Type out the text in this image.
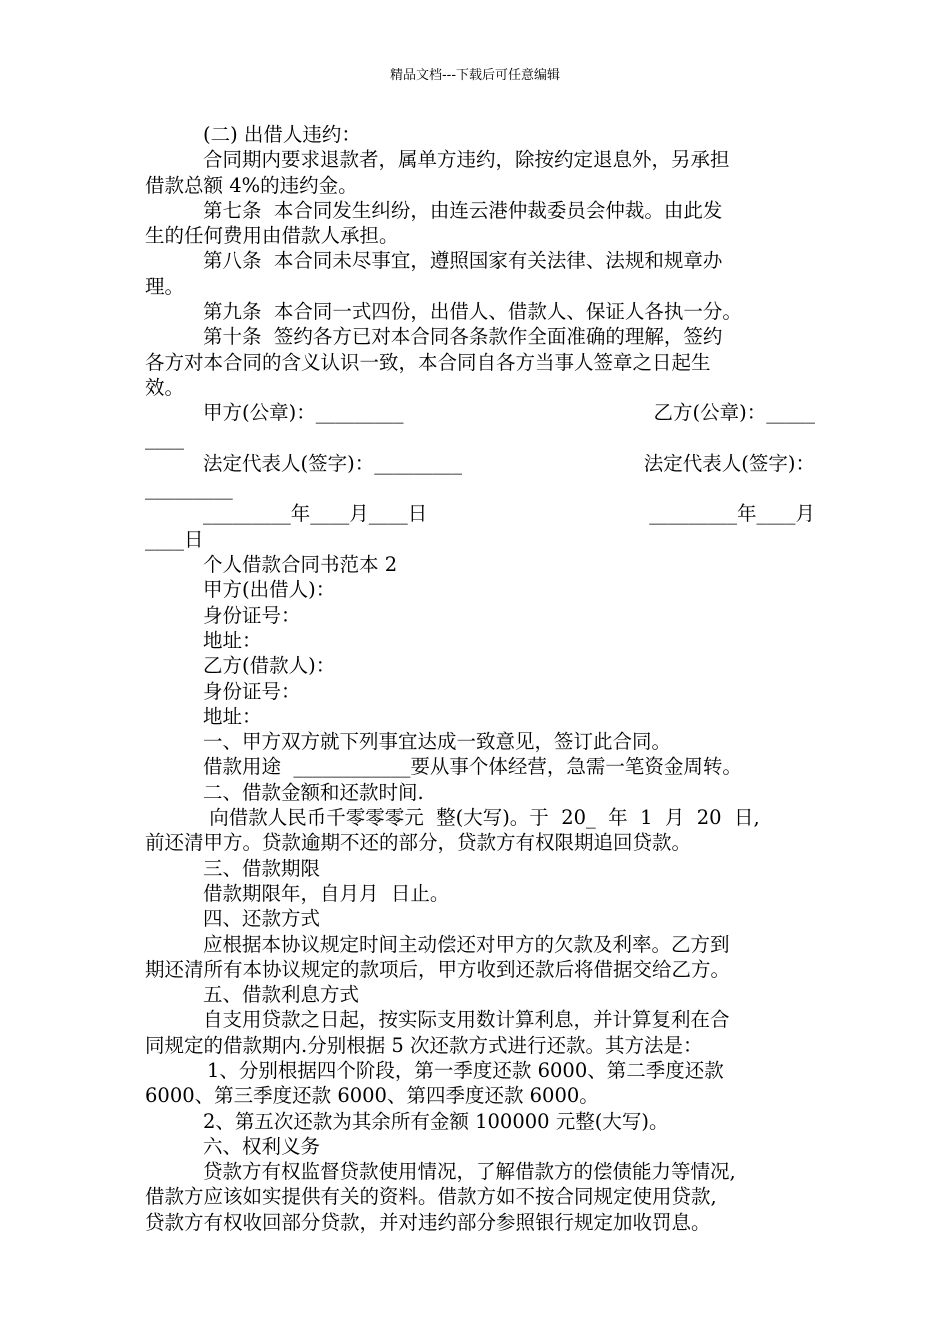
精品文档---下载后可任意编辑
(二) 出借人违约：
合同期内要求退款者，属单方违约，除按约定退息外，另承担
借款总额 4%的违约金。
第七条  本合同发生纠纷，由连云港仲裁委员会仲裁。由此发
生的任何费用由借款人承担。
第八条  本合同未尽事宜，遵照国家有关法律、法规和规章办
理。
第九条  本合同一式四份，出借人、借款人、保证人各执一分。
第十条  签约各方已对本合同各条款作全面准确的理解，签约
各方对本合同的含义认识一致，本合同自各方当事人签章之日起生
效。
甲方(公章)：_________	乙方(公章)：_____
____
法定代表人(签字)：_________	法定代表人(签字)：
_________
_________年____月____日	_________年____月
____日
个人借款合同书范本 2
甲方(出借人)：
身份证号：
地址：
乙方(借款人)：
身份证号：
地址：
一、甲方双方就下列事宜达成一致意见，签订此合同。
借款用途  ____________要从事个体经营，急需一笔资金周转。
二、借款金额和还款时间.
向借款人民币千零零零元  整(大写)。于  20_  年  1  月  20  日,
前还清甲方。贷款逾期不还的部分，贷款方有权限期追回贷款。
三、借款期限
借款期限年，自月月  日止。
四、还款方式
应根据本协议规定时间主动偿还对甲方的欠款及利率。乙方到
期还清所有本协议规定的款项后，甲方收到还款后将借据交给乙方。
五、借款利息方式
自支用贷款之日起，按实际支用数计算利息，并计算复利在合
同规定的借款期内.分别根据 5 次还款方式进行还款。其方法是：
1、分别根据四个阶段，第一季度还款 6000、第二季度还款
6000、第三季度还款 6000、第四季度还款 6000。
2、第五次还款为其余所有金额 100000 元整(大写)。
六、权利义务
贷款方有权监督贷款使用情况，了解借款方的偿债能力等情况,
借款方应该如实提供有关的资料。借款方如不按合同规定使用贷款,
贷款方有权收回部分贷款，并对违约部分参照银行规定加收罚息。
